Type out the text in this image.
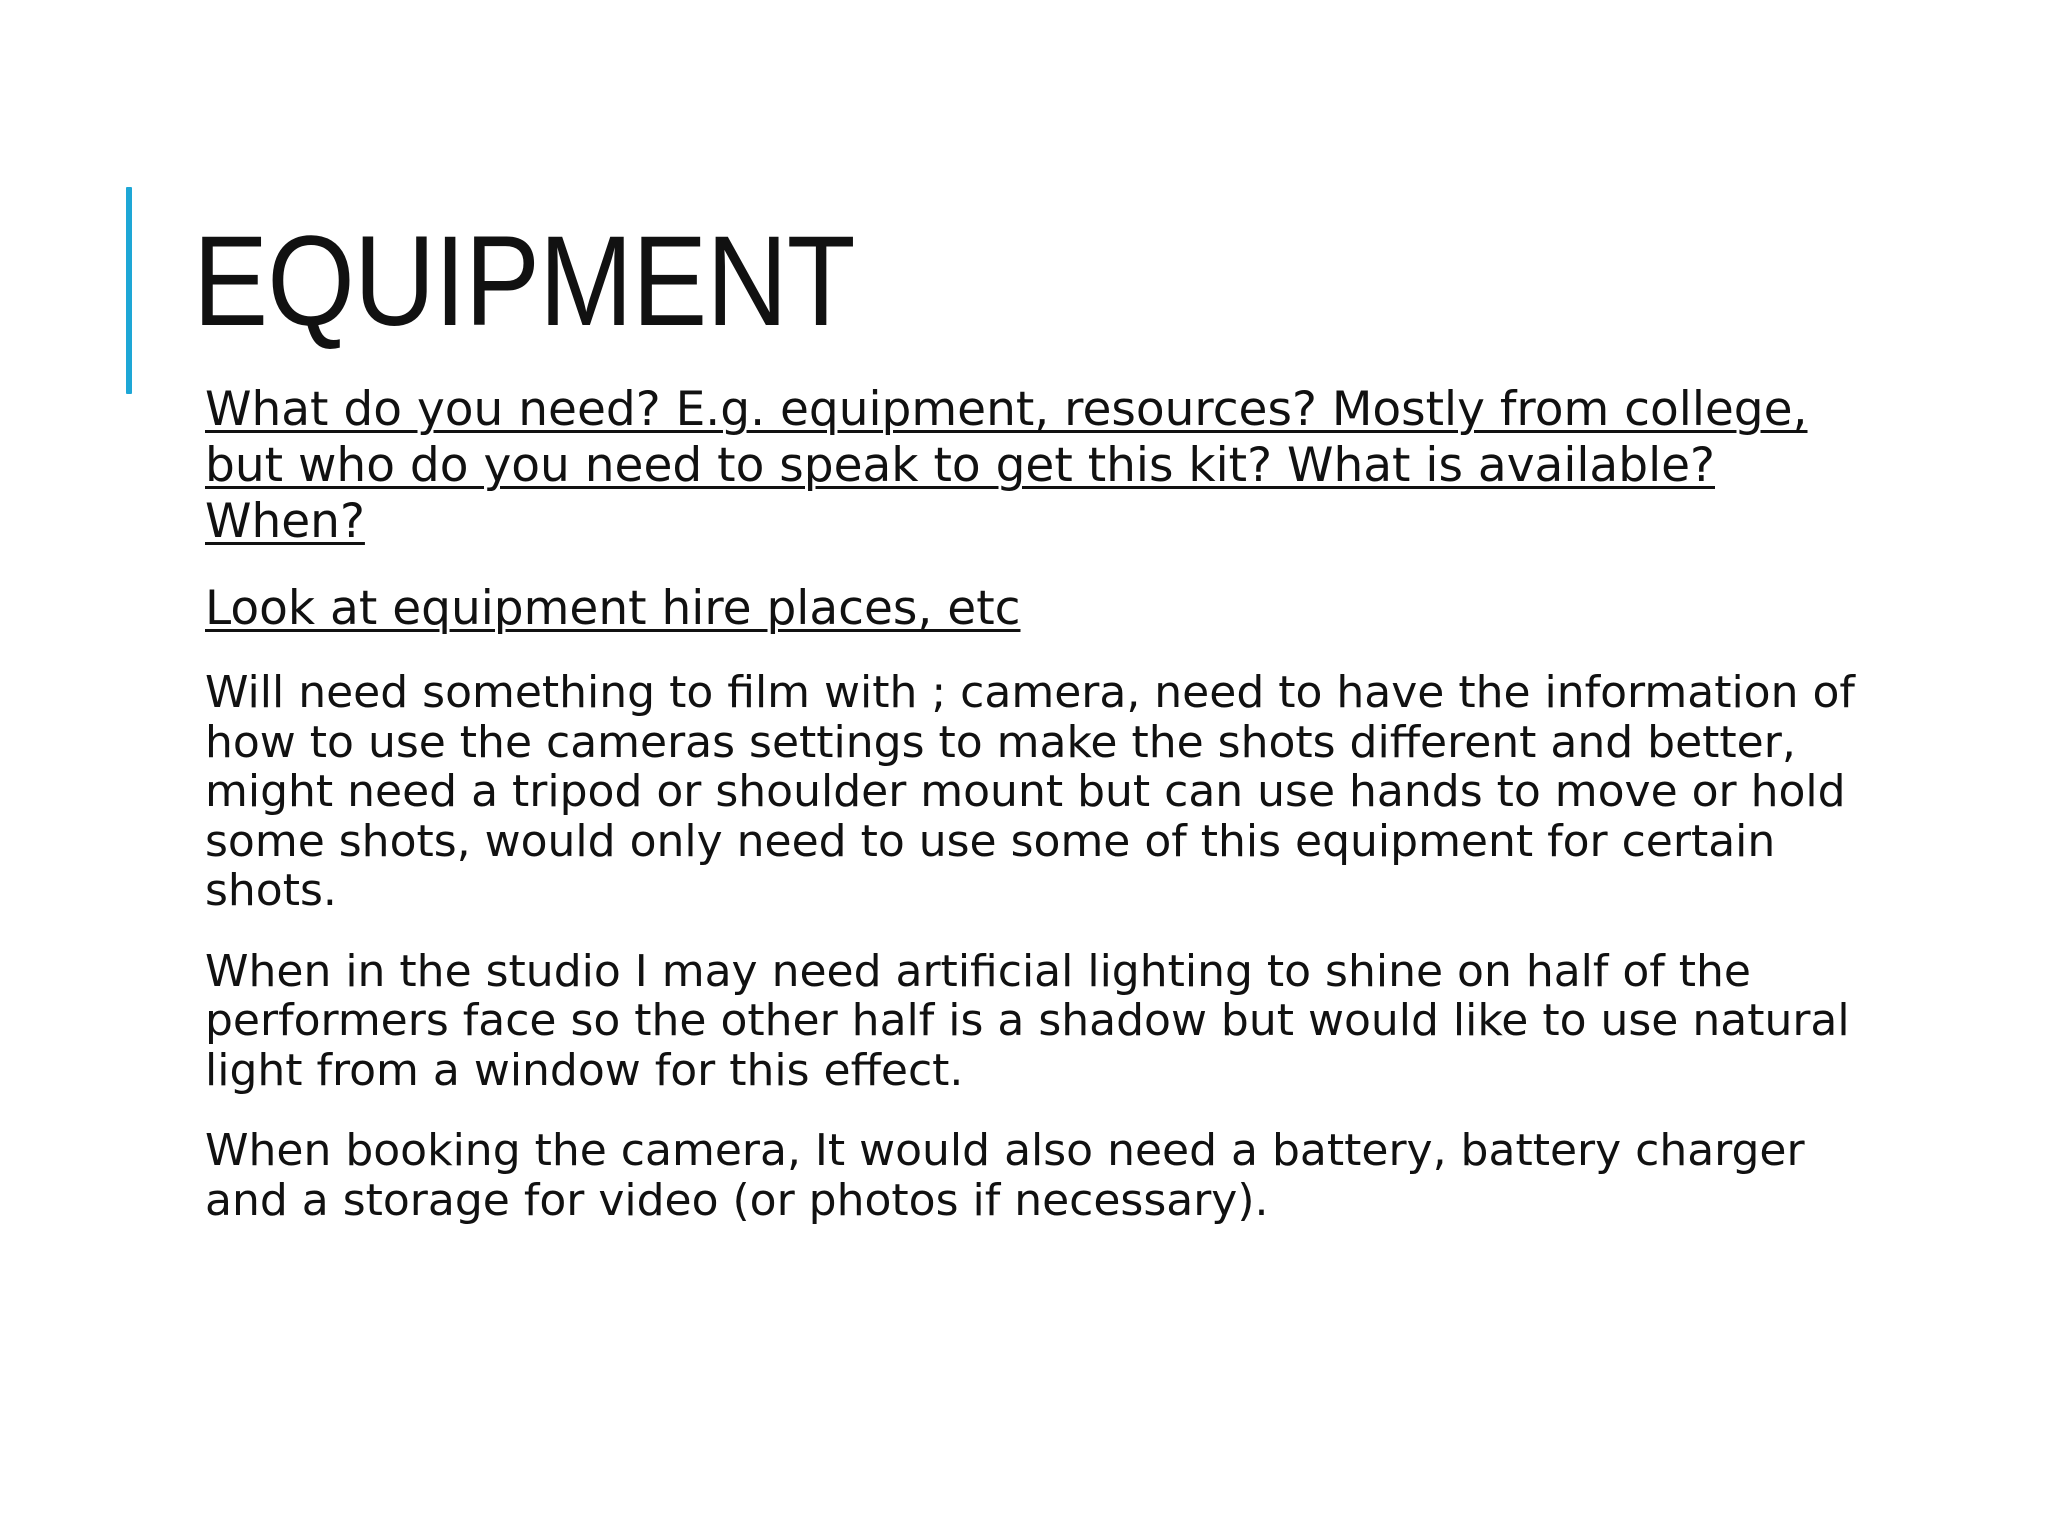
EQUIPMENT

What do you need? E.g. equipment, resources? Mostly from college, but who do you need to speak to get this kit? What is available? When?

Look at equipment hire places, etc

Will need something to film with ; camera, need to have the information of how to use the cameras settings to make the shots different and better, might need a tripod or shoulder mount but can use hands to move or hold some shots, would only need to use some of this equipment for certain shots.

When in the studio I may need artificial lighting to shine on half of the performers face so the other half is a shadow but would like to use natural light from a window for this effect.

When booking the camera, It would also need a battery, battery charger and a storage for video (or photos if necessary).
